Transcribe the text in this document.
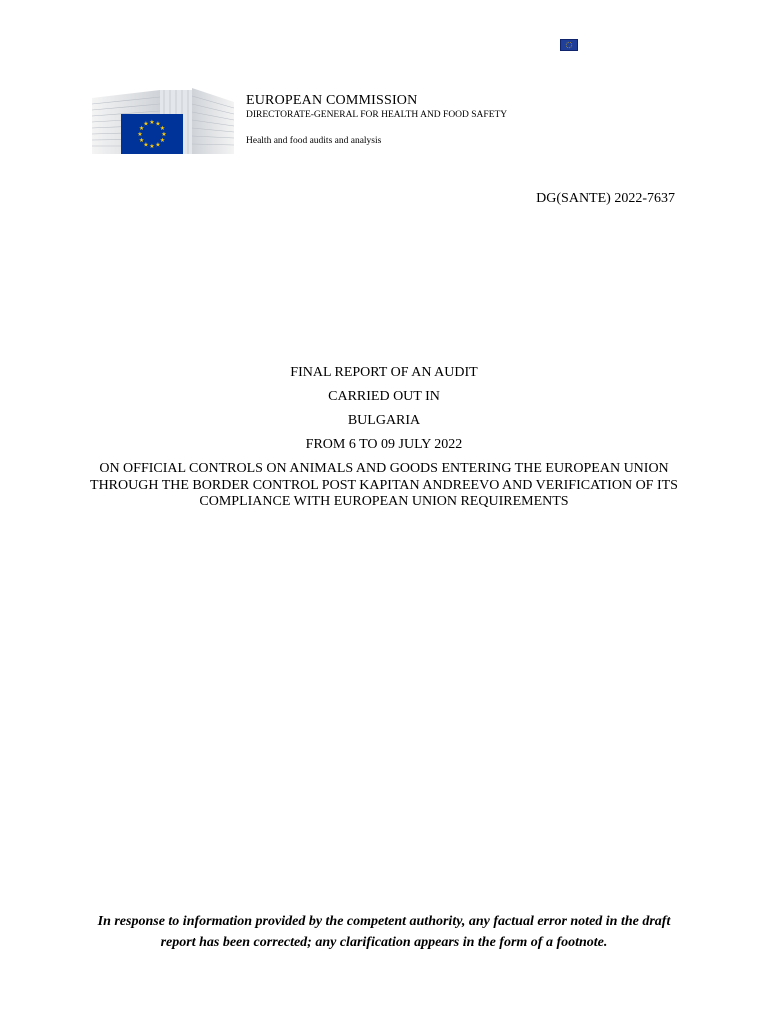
★ ★
★
★
★
★
★
★
★
★
★
★
EUROPEAN COMMISSION
DIRECTORATE-GENERAL FOR HEALTH AND FOOD SAFETY
Health and food audits and analysis
DG(SANTE) 2022-7637
FINAL REPORT OF AN AUDIT
CARRIED OUT IN
BULGARIA
FROM 6 TO 09 JULY 2022
ON OFFICIAL CONTROLS ON ANIMALS AND GOODS ENTERING THE EUROPEAN UNION THROUGH THE BORDER CONTROL POST KAPITAN ANDREEVO AND VERIFICATION OF ITS COMPLIANCE WITH EUROPEAN UNION REQUIREMENTS
In response to information provided by the competent authority, any factual error noted in the draft report has been corrected; any clarification appears in the form of a footnote.
